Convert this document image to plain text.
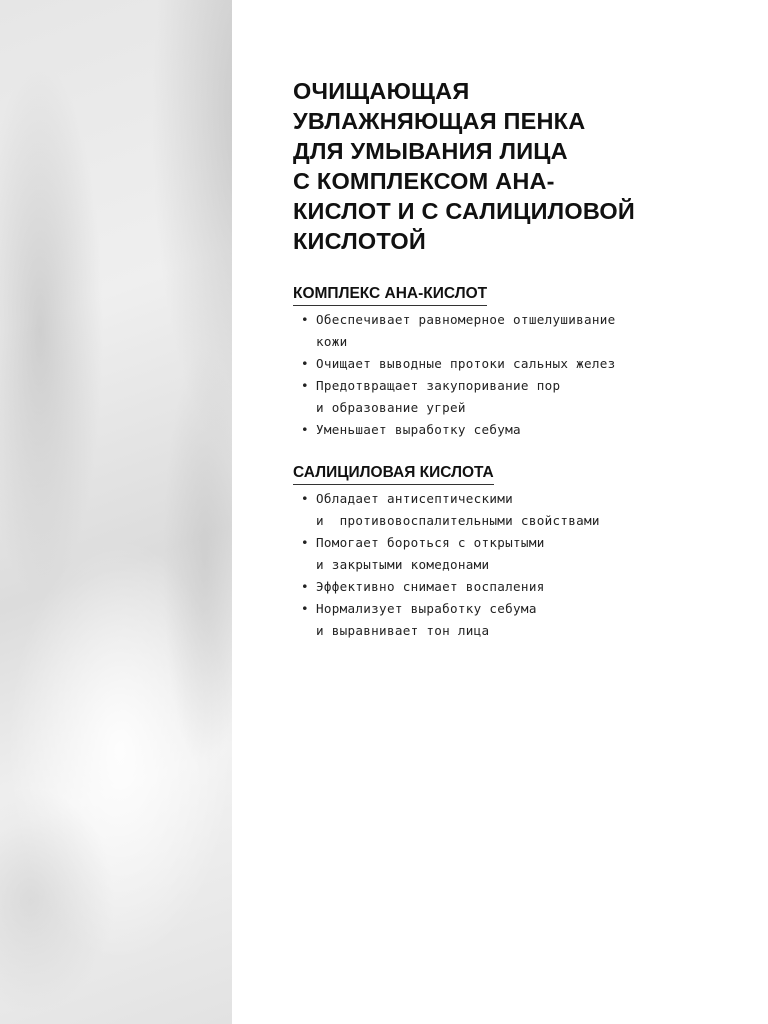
ОЧИЩАЮЩАЯ
УВЛАЖНЯЮЩАЯ ПЕНКА
ДЛЯ УМЫВАНИЯ ЛИЦА
С КОМПЛЕКСОМ АНА-
КИСЛОТ И С САЛИЦИЛОВОЙ
КИСЛОТОЙ
КОМПЛЕКС АНА-КИСЛОТ
• Обеспечивает равномерное отшелушивание
кожи
• Очищает выводные протоки сальных желез
• Предотвращает закупоривание пор
и образование угрей
• Уменьшает выработку себума
САЛИЦИЛОВАЯ КИСЛОТА
• Обладает антисептическими
и  противовоспалительными свойствами
• Помогает бороться с открытыми
и закрытыми комедонами
• Эффективно снимает воспаления
• Нормализует выработку себума
и выравнивает тон лица
